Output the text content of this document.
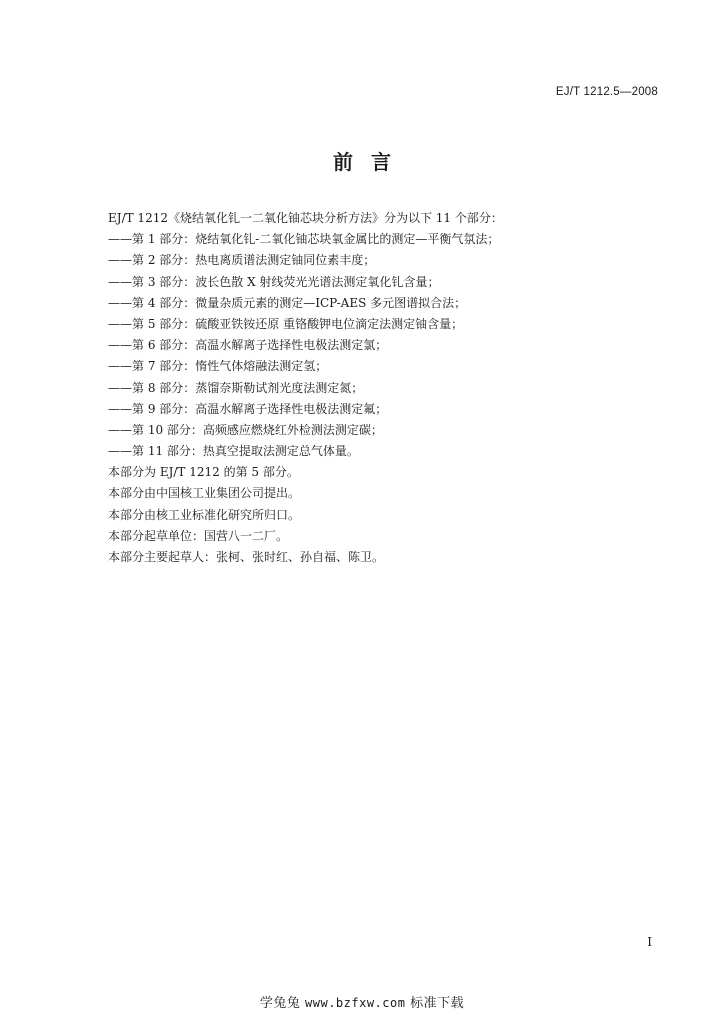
EJ/T 1212.5—2008
前言
EJ/T 1212《烧结氧化钆一二氧化铀芯块分析方法》分为以下 11 个部分：
——第 1 部分：烧结氧化钆-二氧化铀芯块氧金属比的测定—平衡气氛法；
——第 2 部分：热电离质谱法测定铀同位素丰度；
——第 3 部分：波长色散 X 射线荧光光谱法测定氧化钆含量；
——第 4 部分：微量杂质元素的测定—ICP-AES 多元图谱拟合法；
——第 5 部分：硫酸亚铁铵还原 重铬酸钾电位滴定法测定铀含量；
——第 6 部分：高温水解离子选择性电极法测定氯；
——第 7 部分：惰性气体熔融法测定氢；
——第 8 部分：蒸馏奈斯勒试剂光度法测定氮；
——第 9 部分：高温水解离子选择性电极法测定氟；
——第 10 部分：高频感应燃烧红外检测法测定碳；
——第 11 部分：热真空提取法测定总气体量。
本部分为 EJ/T 1212 的第 5 部分。
本部分由中国核工业集团公司提出。
本部分由核工业标准化研究所归口。
本部分起草单位：国营八一二厂。
本部分主要起草人：张柯、张时红、孙自福、陈卫。
I
学兔兔 www.bzfxw.com 标准下载
